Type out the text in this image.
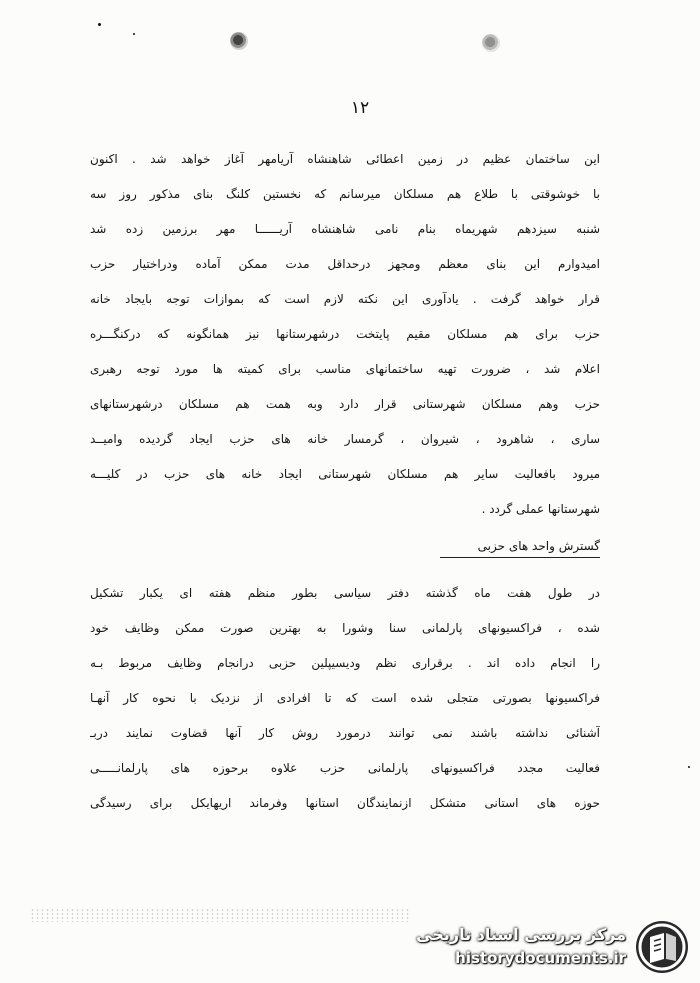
۱۲
این ساختمان عظیم در زمین اعطائی شاهنشاه آریامهر آغاز خواهد شد . اکنون
با خوشوقتی با طلاع هم مسلکان میرسانم که نخستین کلنگ بنای مذکور روز سه
شنبه سیزدهم شهریماه بنام نامی شاهنشاه آریــــــا مهر برزمین زده شد
امیدوارم این بنای معظم ومجهز درحداقل مدت ممکن آماده ودراختیار حزب
قرار خواهد گرفت . یادآوری این نکته لازم است که بموازات توجه بایجاد خانه
حزب برای هم مسلکان مقیم پایتخت درشهرستانها نیز همانگونه که درکنگـــره
اعلام شد ، ضرورت تهیه ساختمانهای مناسب برای کمیته ها مورد توجه رهبری
حزب وهم مسلکان شهرستانی قرار دارد وبه همت هم مسلکان درشهرستانهای
ساری ، شاهرود ، شیروان ، گرمسار خانه های حزب ایجاد گردیده وامیــد
میرود بافعالیت سایر هم مسلکان شهرستانی ایجاد خانه های حزب در کلیـــه
شهرستانها عملی گردد .
گسترش واحد های حزبی
در طول هفت ماه گذشته دفتر سیاسی بطور منظم هفته ای یکبار تشکیل
شده ، فراکسیونهای پارلمانی سنا وشورا به بهترین صورت ممکن وظایف خود
را انجام داده اند . برقراری نظم ودیسیپلین حزبی درانجام وظایف مربوط بـه
فراکسیونها بصورتی متجلی شده است که تا افرادی از نزدیک با نحوه کار آنهـا
آشنائی نداشته باشند نمی توانند درمورد روش کار آنها قضاوت نمایند دربـ
فعالیت مجدد فراکسیونهای پارلمانی حزب علاوه برحوزه های پارلمانـــــی
حوزه های استانی متشکل ازنمایندگان استانها وفرماند اریهایکل برای رسیدگی
مرکز بررسی اسناد تاریخی
historydocuments.ir
